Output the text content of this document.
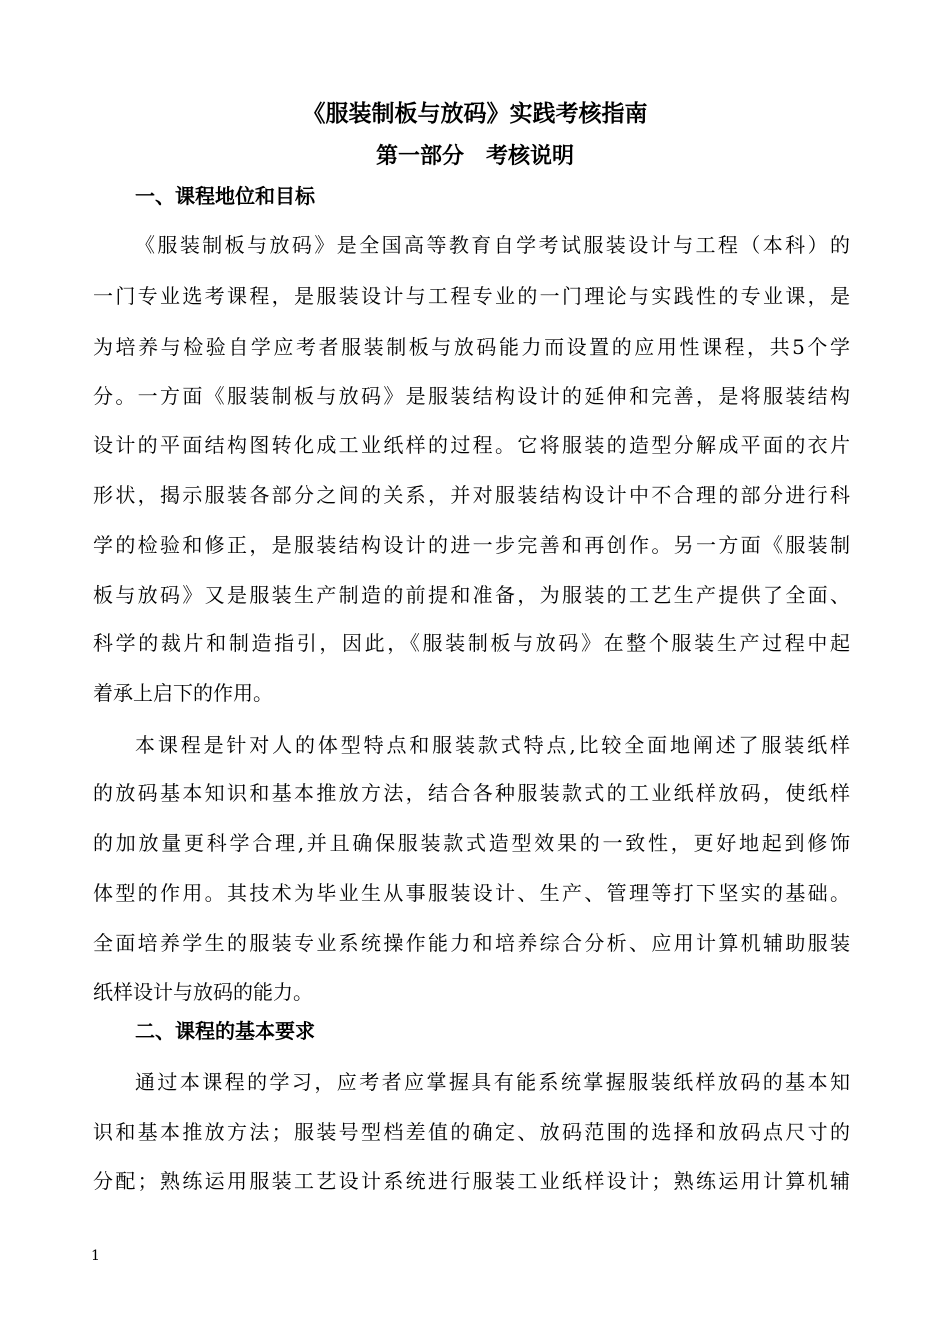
《服装制板与放码》实践考核指南
第一部分　考核说明
一、课程地位和目标
《服装制板与放码》是全国高等教育自学考试服装设计与工程（本科）的
一门专业选考课程，是服装设计与工程专业的一门理论与实践性的专业课，是
为培养与检验自学应考者服装制板与放码能力而设置的应用性课程，共5个学
分。一方面《服装制板与放码》是服装结构设计的延伸和完善，是将服装结构
设计的平面结构图转化成工业纸样的过程。它将服装的造型分解成平面的衣片
形状，揭示服装各部分之间的关系，并对服装结构设计中不合理的部分进行科
学的检验和修正，是服装结构设计的进一步完善和再创作。另一方面《服装制
板与放码》又是服装生产制造的前提和准备，为服装的工艺生产提供了全面、
科学的裁片和制造指引，因此，《服装制板与放码》在整个服装生产过程中起
着承上启下的作用。
本课程是针对人的体型特点和服装款式特点,比较全面地阐述了服装纸样
的放码基本知识和基本推放方法，结合各种服装款式的工业纸样放码，使纸样
的加放量更科学合理,并且确保服装款式造型效果的一致性，更好地起到修饰
体型的作用。其技术为毕业生从事服装设计、生产、管理等打下坚实的基础。
全面培养学生的服装专业系统操作能力和培养综合分析、应用计算机辅助服装
纸样设计与放码的能力。
二、课程的基本要求
通过本课程的学习，应考者应掌握具有能系统掌握服装纸样放码的基本知
识和基本推放方法；服装号型档差值的确定、放码范围的选择和放码点尺寸的
分配；熟练运用服装工艺设计系统进行服装工业纸样设计；熟练运用计算机辅
1
